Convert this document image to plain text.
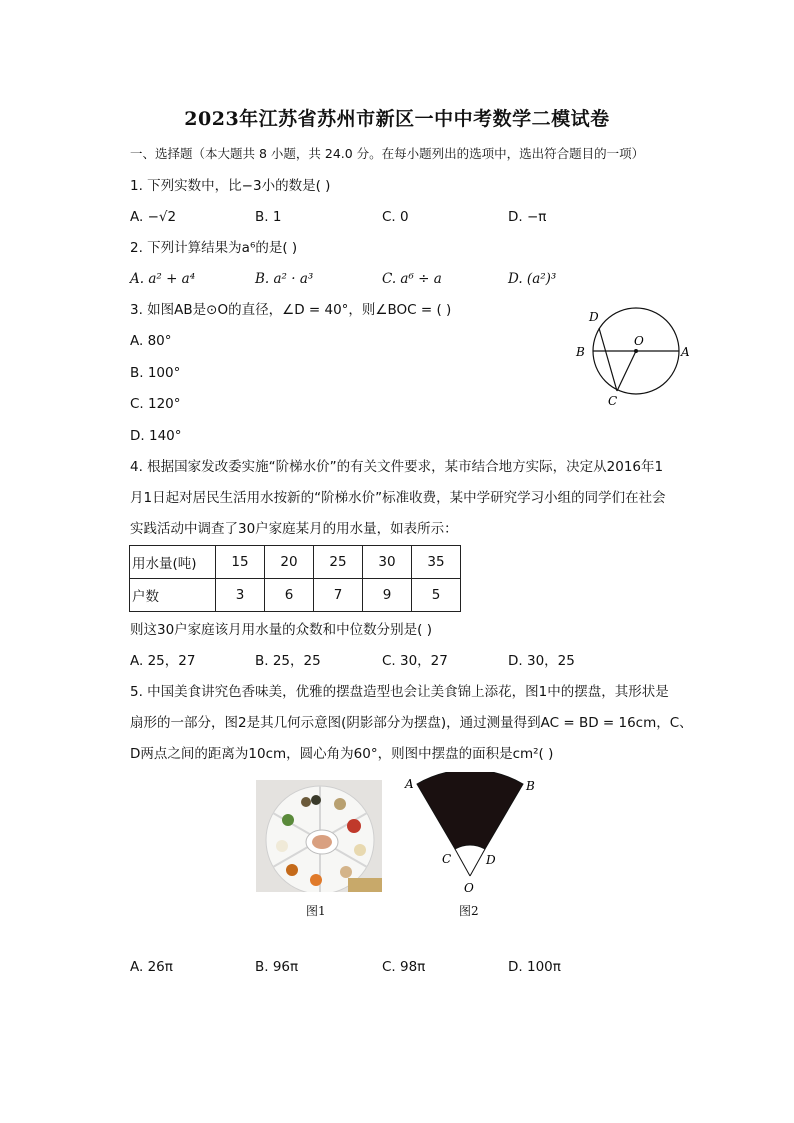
2023年江苏省苏州市新区一中中考数学二模试卷
一、选择题（本大题共 8 小题，共 24.0 分。在每小题列出的选项中，选出符合题目的一项）
1. 下列实数中，比−3小的数是( )
A. −√2	B. 1	C. 0	D. −π
2. 下列计算结果为a⁶的是( )
A. a² + a⁴	B. a² · a³	C. a⁶ ÷ a	D. (a²)³
3. 如图AB是⊙O的直径，∠D = 40°，则∠BOC = ( )
A. 80°
B. 100°
C. 120°
D. 140°
D
O
B	A
C
4. 根据国家发改委实施“阶梯水价”的有关文件要求，某市结合地方实际，决定从2016年1
月1日起对居民生活用水按新的“阶梯水价”标准收费，某中学研究学习小组的同学们在社会
实践活动中调查了30户家庭某月的用水量，如表所示：
用水量(吨)	15	20	25	30	35
户数	3	6	7	9	5
则这30户家庭该月用水量的众数和中位数分别是( )
A. 25，27	B. 25，25	C. 30，27	D. 30，25
5. 中国美食讲究色香味美，优雅的摆盘造型也会让美食锦上添花，图1中的摆盘，其形状是
扇形的一部分，图2是其几何示意图(阴影部分为摆盘)，通过测量得到AC = BD = 16cm，C、
D两点之间的距离为10cm，圆心角为60°，则图中摆盘的面积是cm²( )
图1
A	B
C	D
O
图2
A. 26π	B. 96π	C. 98π	D. 100π
